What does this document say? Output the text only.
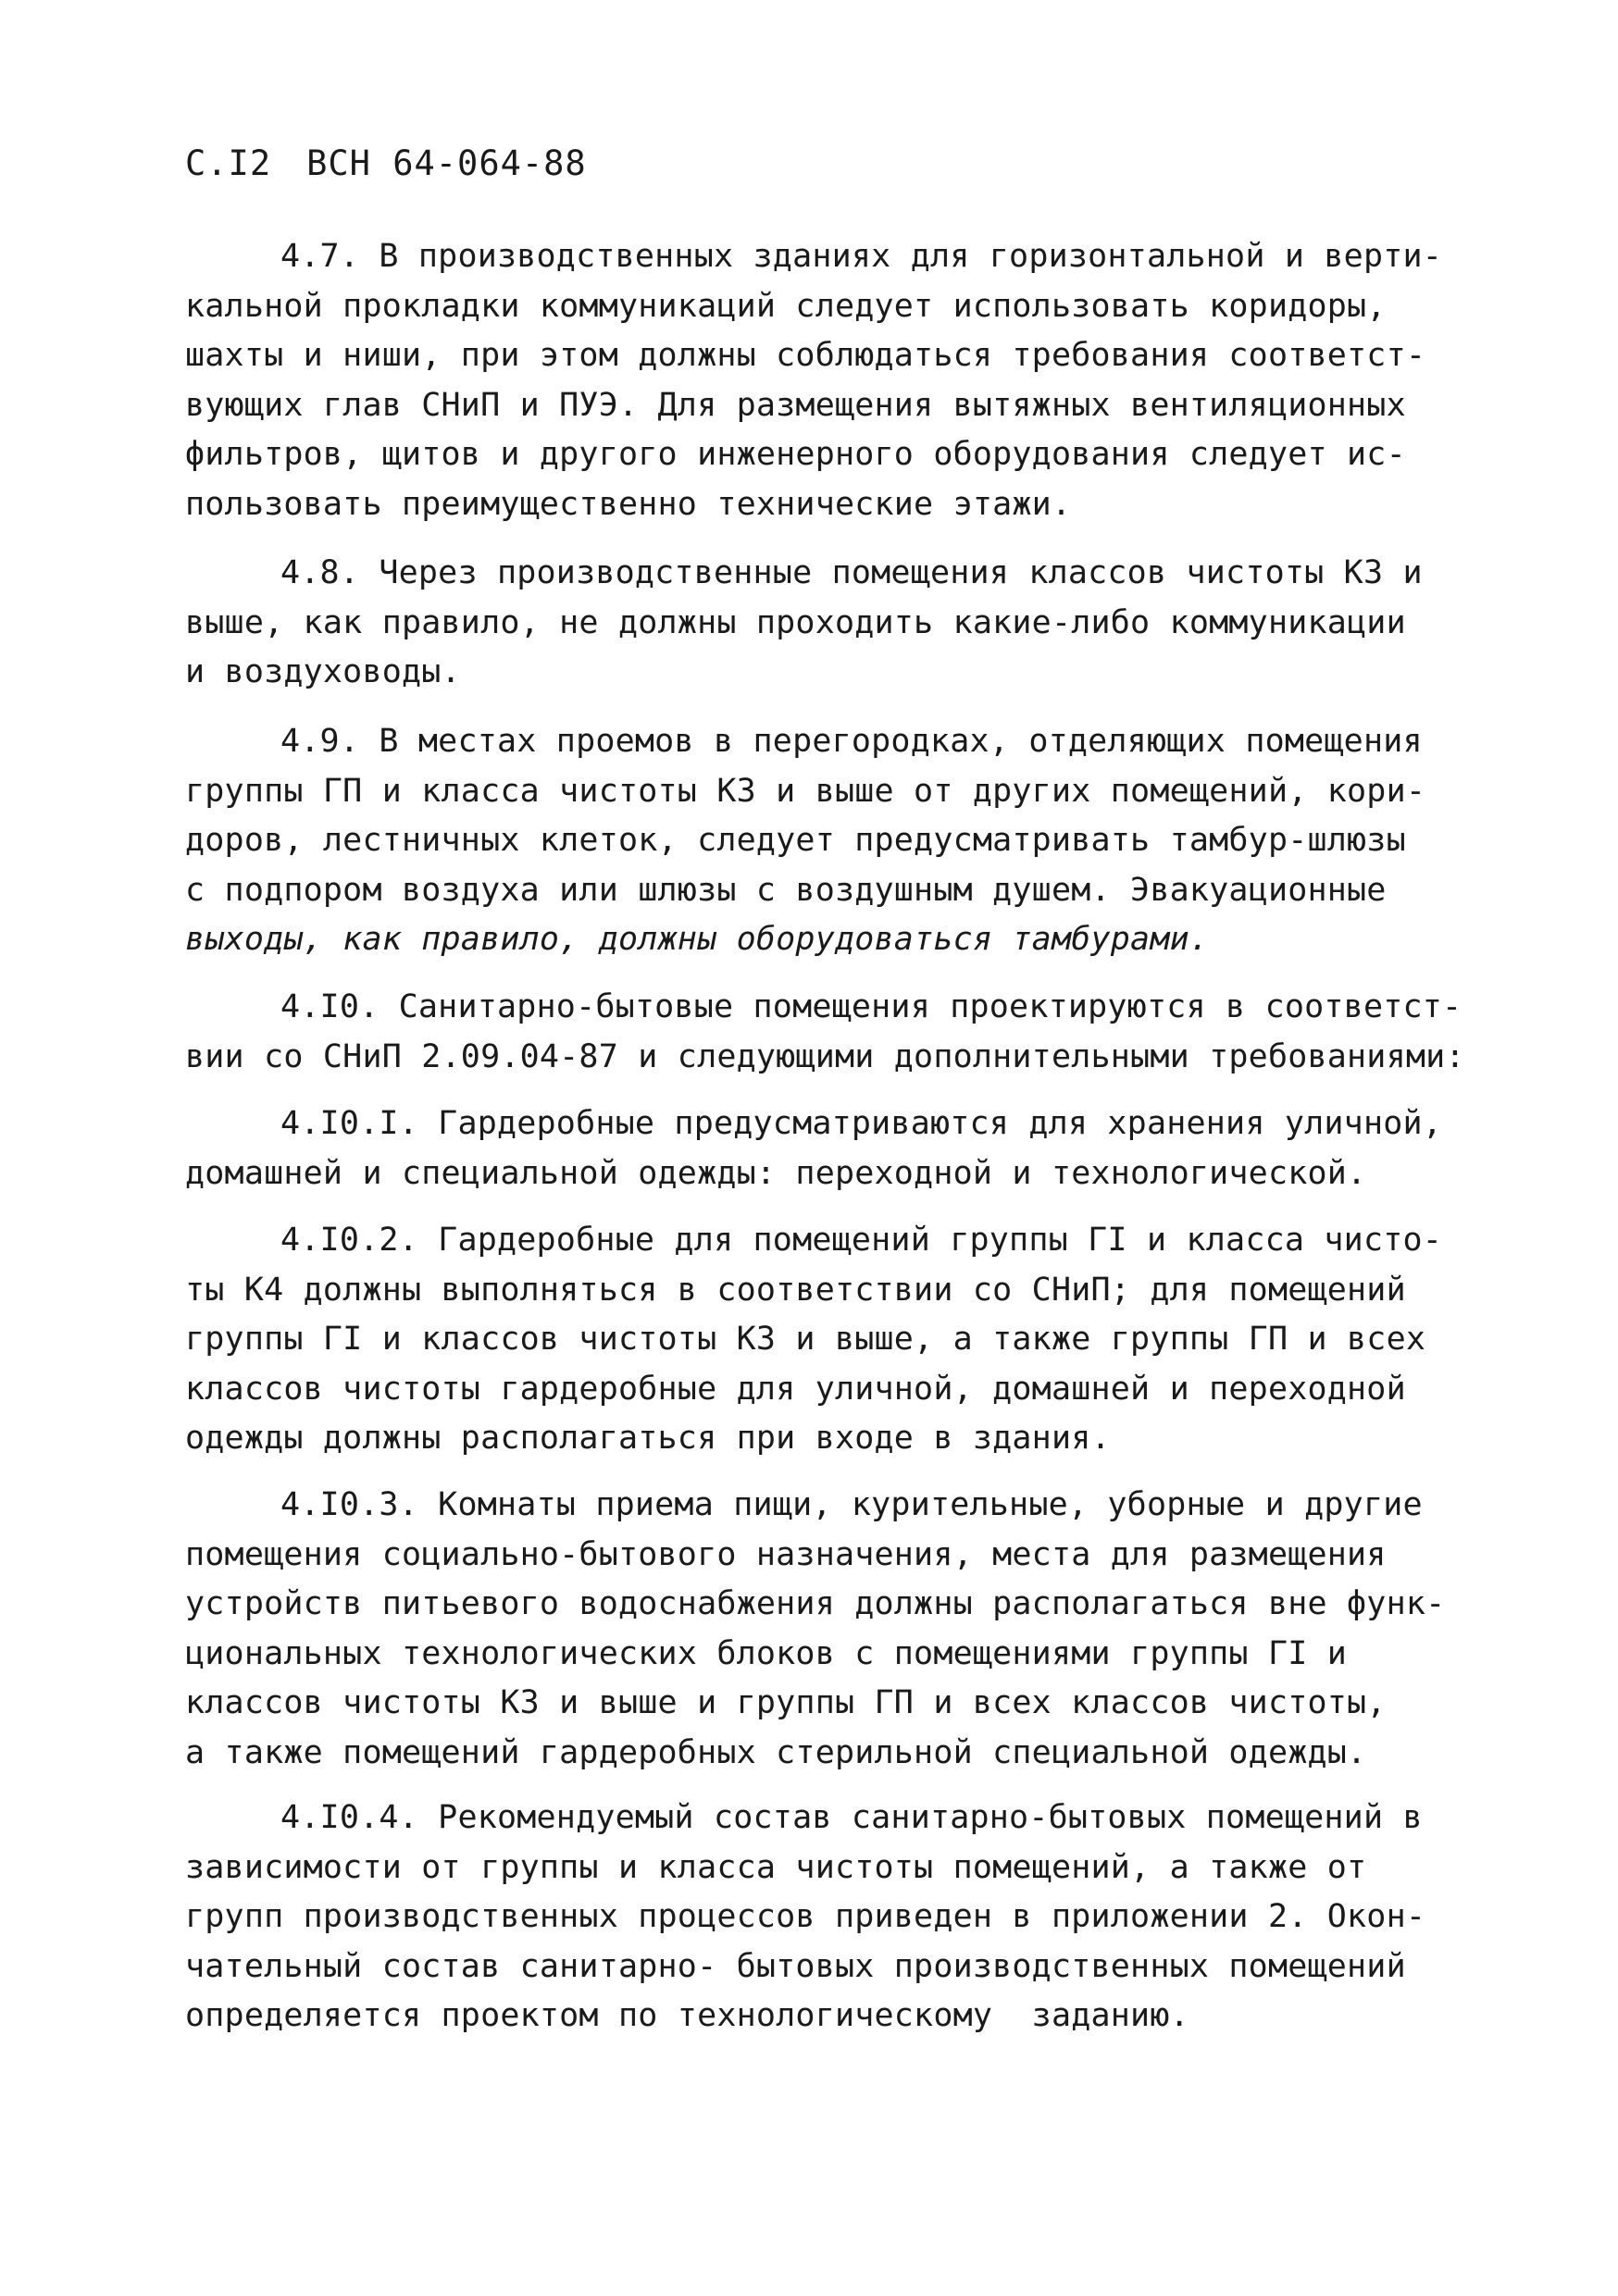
С.I2 ВСН 64-064-88

4.7. В производственных зданиях для горизонтальной и верти-
кальной прокладки коммуникаций следует использовать коридоры,
шахты и ниши, при этом должны соблюдаться требования соответст-
вующих глав СНиП и ПУЭ. Для размещения вытяжных вентиляционных
фильтров, щитов и другого инженерного оборудования следует ис-
пользовать преимущественно технические этажи.

4.8. Через производственные помещения классов чистоты К3 и
выше, как правило, не должны проходить какие-либо коммуникации
и воздуховоды.

4.9. В местах проемов в перегородках, отделяющих помещения
группы ГП и класса чистоты К3 и выше от других помещений, кори-
доров, лестничных клеток, следует предусматривать тамбур-шлюзы
с подпором воздуха или шлюзы с воздушным душем. Эвакуационные
выходы, как правило, должны оборудоваться тамбурами.

4.I0. Санитарно-бытовые помещения проектируются в соответст-
вии со СНиП 2.09.04-87 и следующими дополнительными требованиями:

4.I0.I. Гардеробные предусматриваются для хранения уличной,
домашней и специальной одежды: переходной и технологической.

4.I0.2. Гардеробные для помещений группы ГI и класса чисто-
ты К4 должны выполняться в соответствии со СНиП; для помещений
группы ГI и классов чистоты К3 и выше, а также группы ГП и всех
классов чистоты гардеробные для уличной, домашней и переходной
одежды должны располагаться при входе в здания.

4.I0.3. Комнаты приема пищи, курительные, уборные и другие
помещения социально-бытового назначения, места для размещения
устройств питьевого водоснабжения должны располагаться вне функ-
циональных технологических блоков с помещениями группы ГI и
классов чистоты К3 и выше и группы ГП и всех классов чистоты,
а также помещений гардеробных стерильной специальной одежды.

4.I0.4. Рекомендуемый состав санитарно-бытовых помещений в
зависимости от группы и класса чистоты помещений, а также от
групп производственных процессов приведен в приложении 2. Окон-
чательный состав санитарно- бытовых производственных помещений
определяется проектом по технологическому  заданию.
